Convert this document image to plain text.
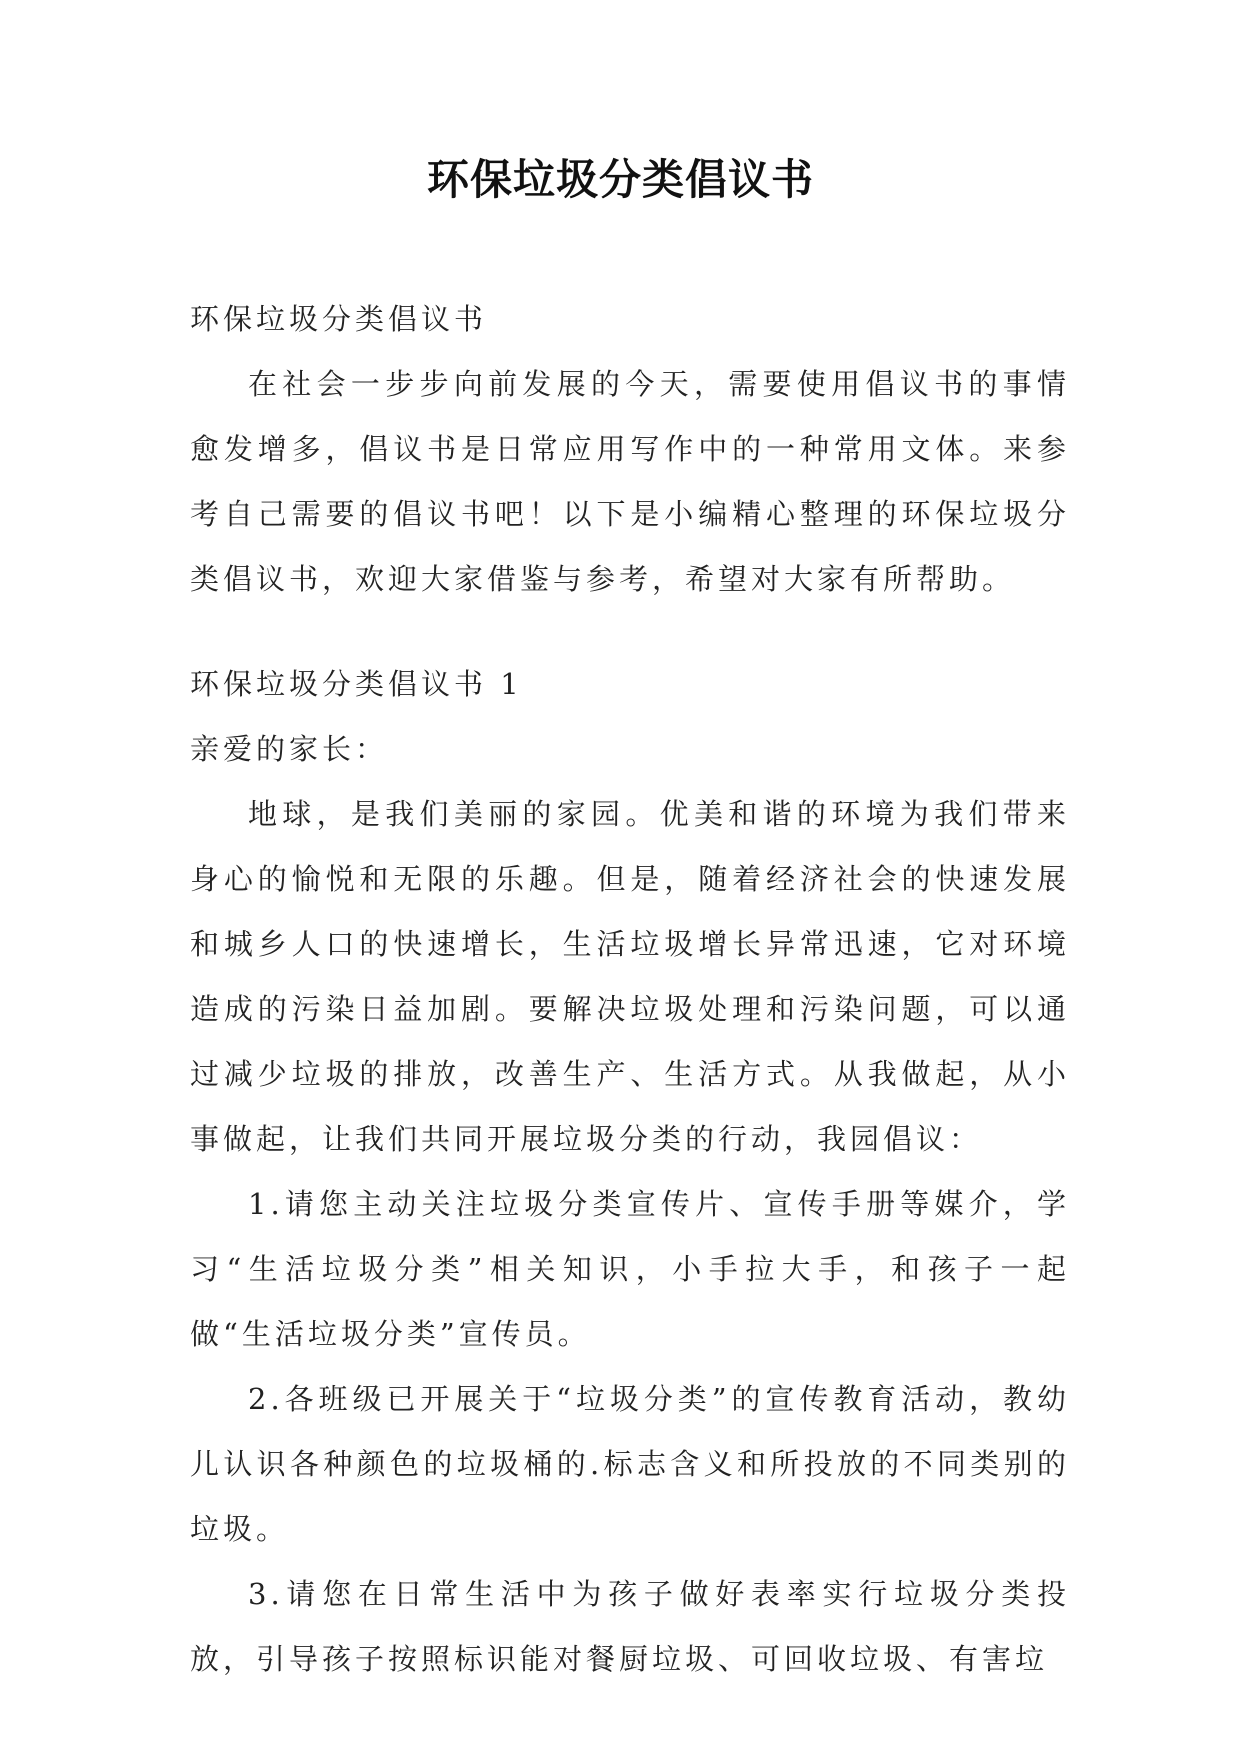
环保垃圾分类倡议书

环保垃圾分类倡议书

在社会一步步向前发展的今天，需要使用倡议书的事情愈发增多，倡议书是日常应用写作中的一种常用文体。来参考自己需要的倡议书吧！以下是小编精心整理的环保垃圾分类倡议书，欢迎大家借鉴与参考，希望对大家有所帮助。

环保垃圾分类倡议书 1

亲爱的家长：

地球，是我们美丽的家园。优美和谐的环境为我们带来身心的愉悦和无限的乐趣。但是，随着经济社会的快速发展和城乡人口的快速增长，生活垃圾增长异常迅速，它对环境造成的污染日益加剧。要解决垃圾处理和污染问题，可以通过减少垃圾的排放，改善生产、生活方式。从我做起，从小事做起，让我们共同开展垃圾分类的行动，我园倡议：

1.请您主动关注垃圾分类宣传片、宣传手册等媒介，学习“生活垃圾分类”相关知识，小手拉大手，和孩子一起做“生活垃圾分类”宣传员。

2.各班级已开展关于“垃圾分类”的宣传教育活动，教幼儿认识各种颜色的垃圾桶的.标志含义和所投放的不同类别的垃圾。

3.请您在日常生活中为孩子做好表率实行垃圾分类投放，引导孩子按照标识能对餐厨垃圾、可回收垃圾、有害垃
